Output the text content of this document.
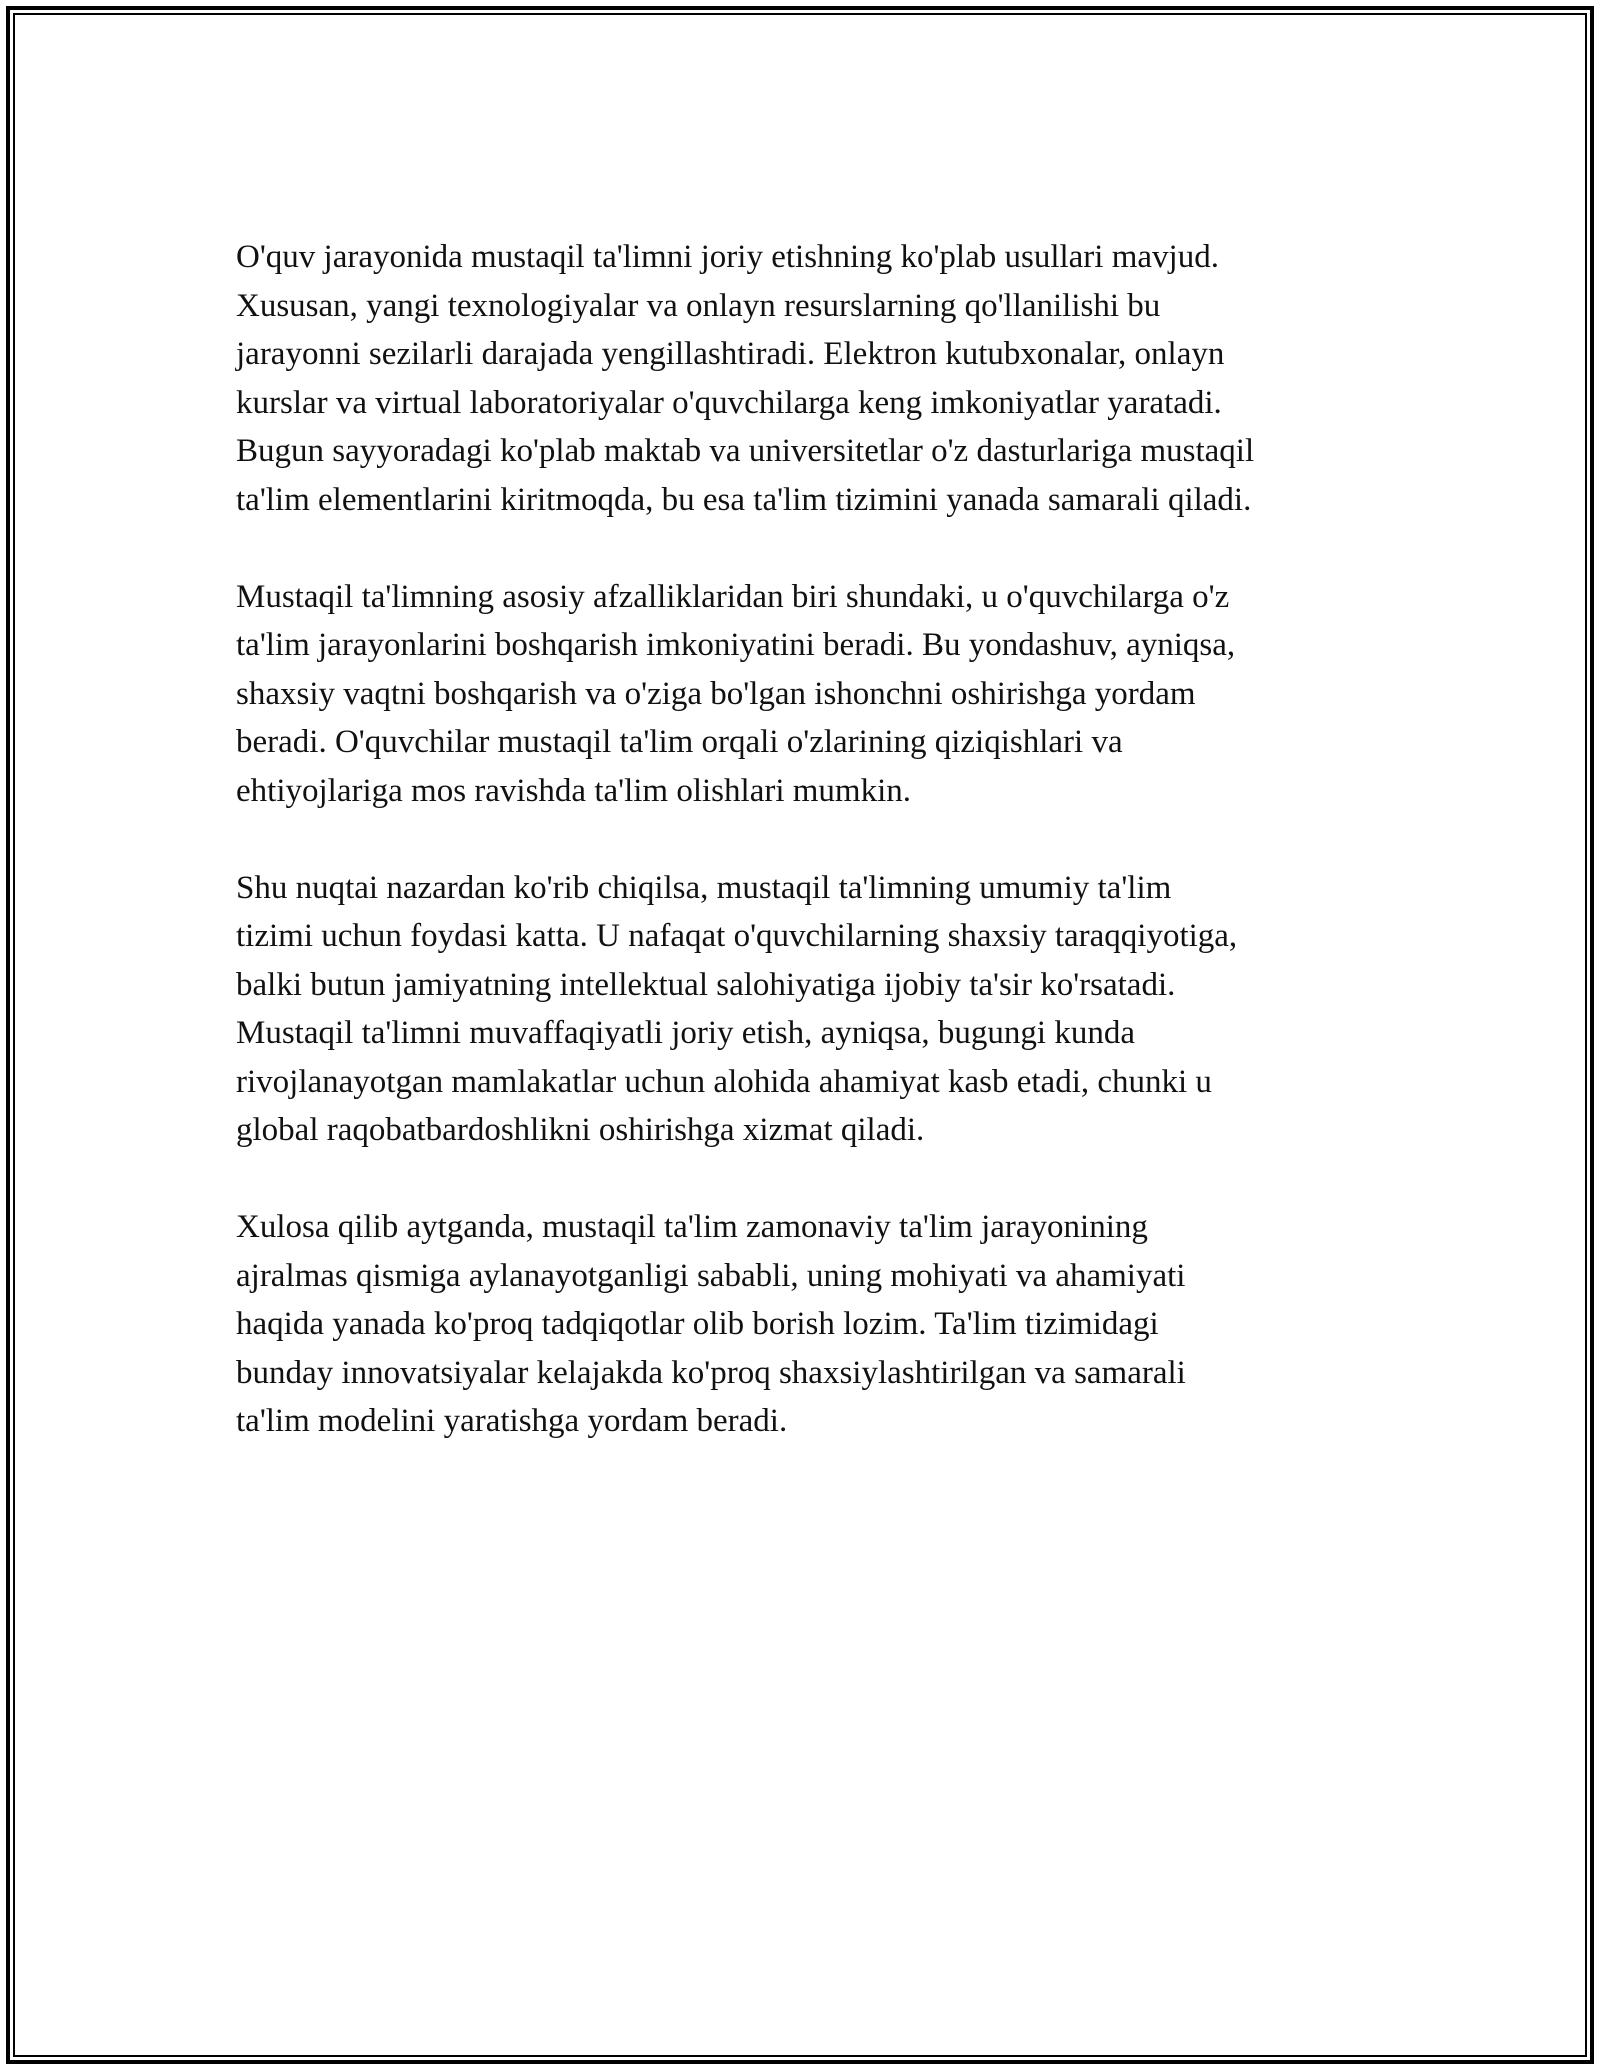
O'quv jarayonida mustaqil ta'limni joriy etishning ko'plab usullari mavjud.
Xususan, yangi texnologiyalar va onlayn resurslarning qo'llanilishi bu
jarayonni sezilarli darajada yengillashtiradi. Elektron kutubxonalar, onlayn
kurslar va virtual laboratoriyalar o'quvchilarga keng imkoniyatlar yaratadi.
Bugun sayyoradagi ko'plab maktab va universitetlar o'z dasturlariga mustaqil
ta'lim elementlarini kiritmoqda, bu esa ta'lim tizimini yanada samarali qiladi.

Mustaqil ta'limning asosiy afzalliklaridan biri shundaki, u o'quvchilarga o'z
ta'lim jarayonlarini boshqarish imkoniyatini beradi. Bu yondashuv, ayniqsa,
shaxsiy vaqtni boshqarish va o'ziga bo'lgan ishonchni oshirishga yordam
beradi. O'quvchilar mustaqil ta'lim orqali o'zlarining qiziqishlari va
ehtiyojlariga mos ravishda ta'lim olishlari mumkin.

Shu nuqtai nazardan ko'rib chiqilsa, mustaqil ta'limning umumiy ta'lim
tizimi uchun foydasi katta. U nafaqat o'quvchilarning shaxsiy taraqqiyotiga,
balki butun jamiyatning intellektual salohiyatiga ijobiy ta'sir ko'rsatadi.
Mustaqil ta'limni muvaffaqiyatli joriy etish, ayniqsa, bugungi kunda
rivojlanayotgan mamlakatlar uchun alohida ahamiyat kasb etadi, chunki u
global raqobatbardoshlikni oshirishga xizmat qiladi.

Xulosa qilib aytganda, mustaqil ta'lim zamonaviy ta'lim jarayonining
ajralmas qismiga aylanayotganligi sababli, uning mohiyati va ahamiyati
haqida yanada ko'proq tadqiqotlar olib borish lozim. Ta'lim tizimidagi
bunday innovatsiyalar kelajakda ko'proq shaxsiylashtirilgan va samarali
ta'lim modelini yaratishga yordam beradi.
